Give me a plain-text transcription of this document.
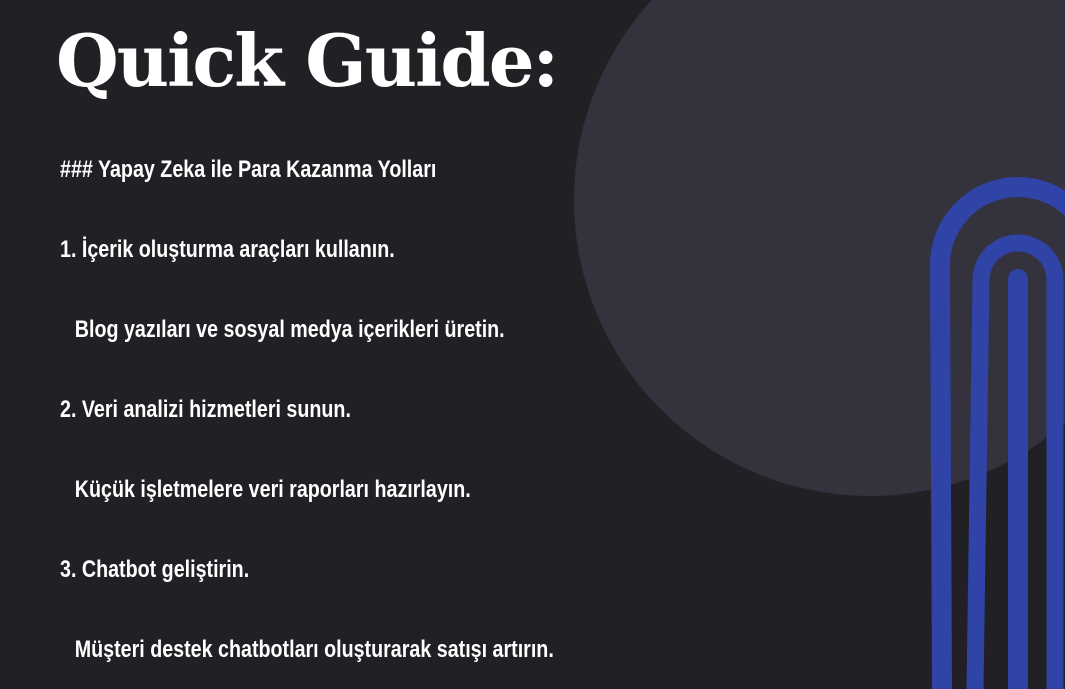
Quick Guide:
### Yapay Zeka ile Para Kazanma Yolları
1. İçerik oluşturma araçları kullanın.
Blog yazıları ve sosyal medya içerikleri üretin.
2. Veri analizi hizmetleri sunun.
Küçük işletmelere veri raporları hazırlayın.
3. Chatbot geliştirin.
Müşteri destek chatbotları oluşturarak satışı artırın.
